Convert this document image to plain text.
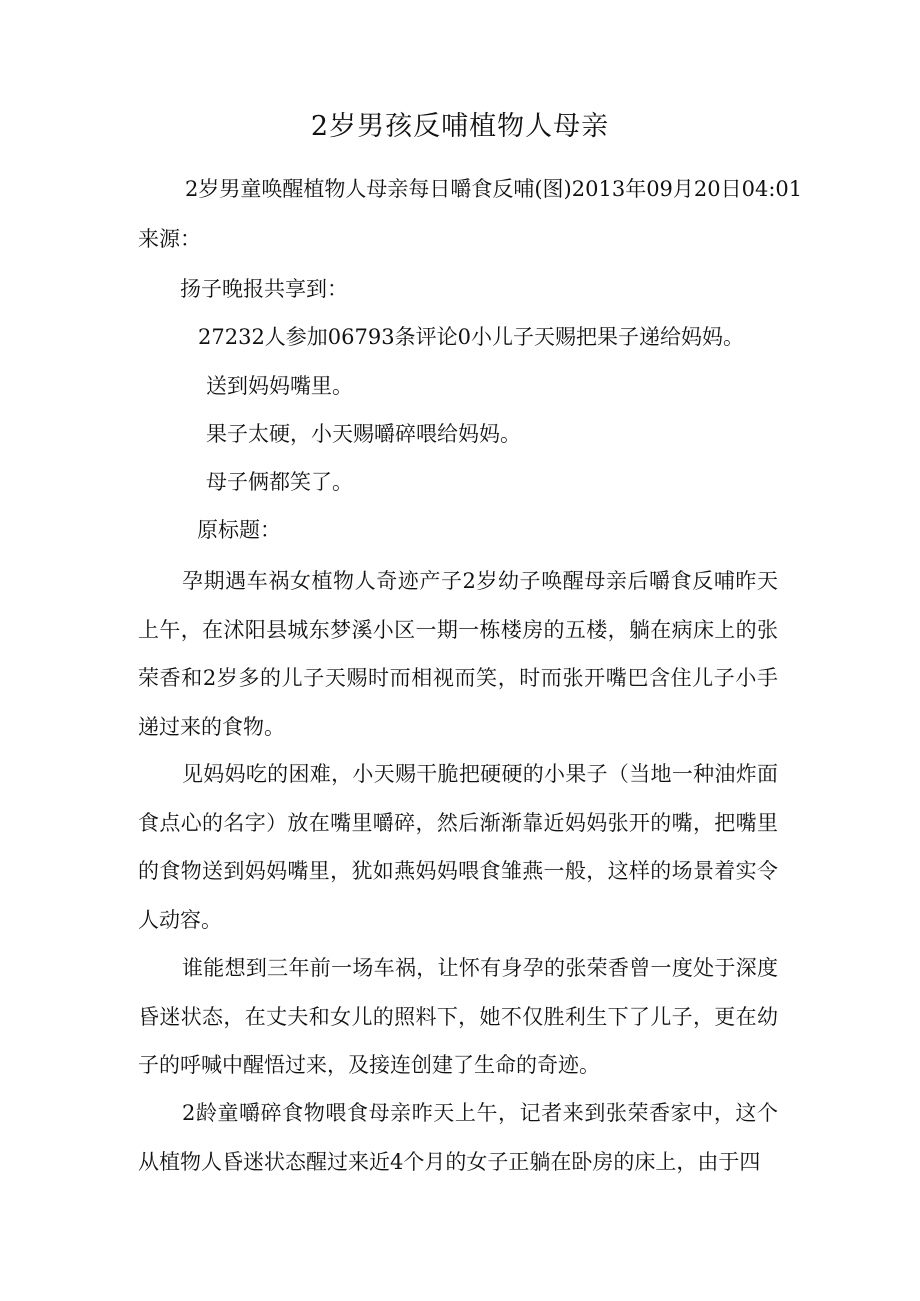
2岁男孩反哺植物人母亲

2岁男童唤醒植物人母亲每日嚼食反哺(图)2013年09月20日04:01

来源：

扬子晚报共享到：

27232人参加06793条评论0小儿子天赐把果子递给妈妈。

送到妈妈嘴里。

果子太硬，小天赐嚼碎喂给妈妈。

母子俩都笑了。

原标题：

孕期遇车祸女植物人奇迹产子2岁幼子唤醒母亲后嚼食反哺昨天上午，在沭阳县城东梦溪小区一期一栋楼房的五楼，躺在病床上的张荣香和2岁多的儿子天赐时而相视而笑，时而张开嘴巴含住儿子小手递过来的食物。

见妈妈吃的困难，小天赐干脆把硬硬的小果子（当地一种油炸面食点心的名字）放在嘴里嚼碎，然后渐渐靠近妈妈张开的嘴，把嘴里的食物送到妈妈嘴里，犹如燕妈妈喂食雏燕一般，这样的场景着实令人动容。

谁能想到三年前一场车祸，让怀有身孕的张荣香曾一度处于深度昏迷状态，在丈夫和女儿的照料下，她不仅胜利生下了儿子，更在幼子的呼喊中醒悟过来，及接连创建了生命的奇迹。

2龄童嚼碎食物喂食母亲昨天上午，记者来到张荣香家中，这个从植物人昏迷状态醒过来近4个月的女子正躺在卧房的床上，由于四
